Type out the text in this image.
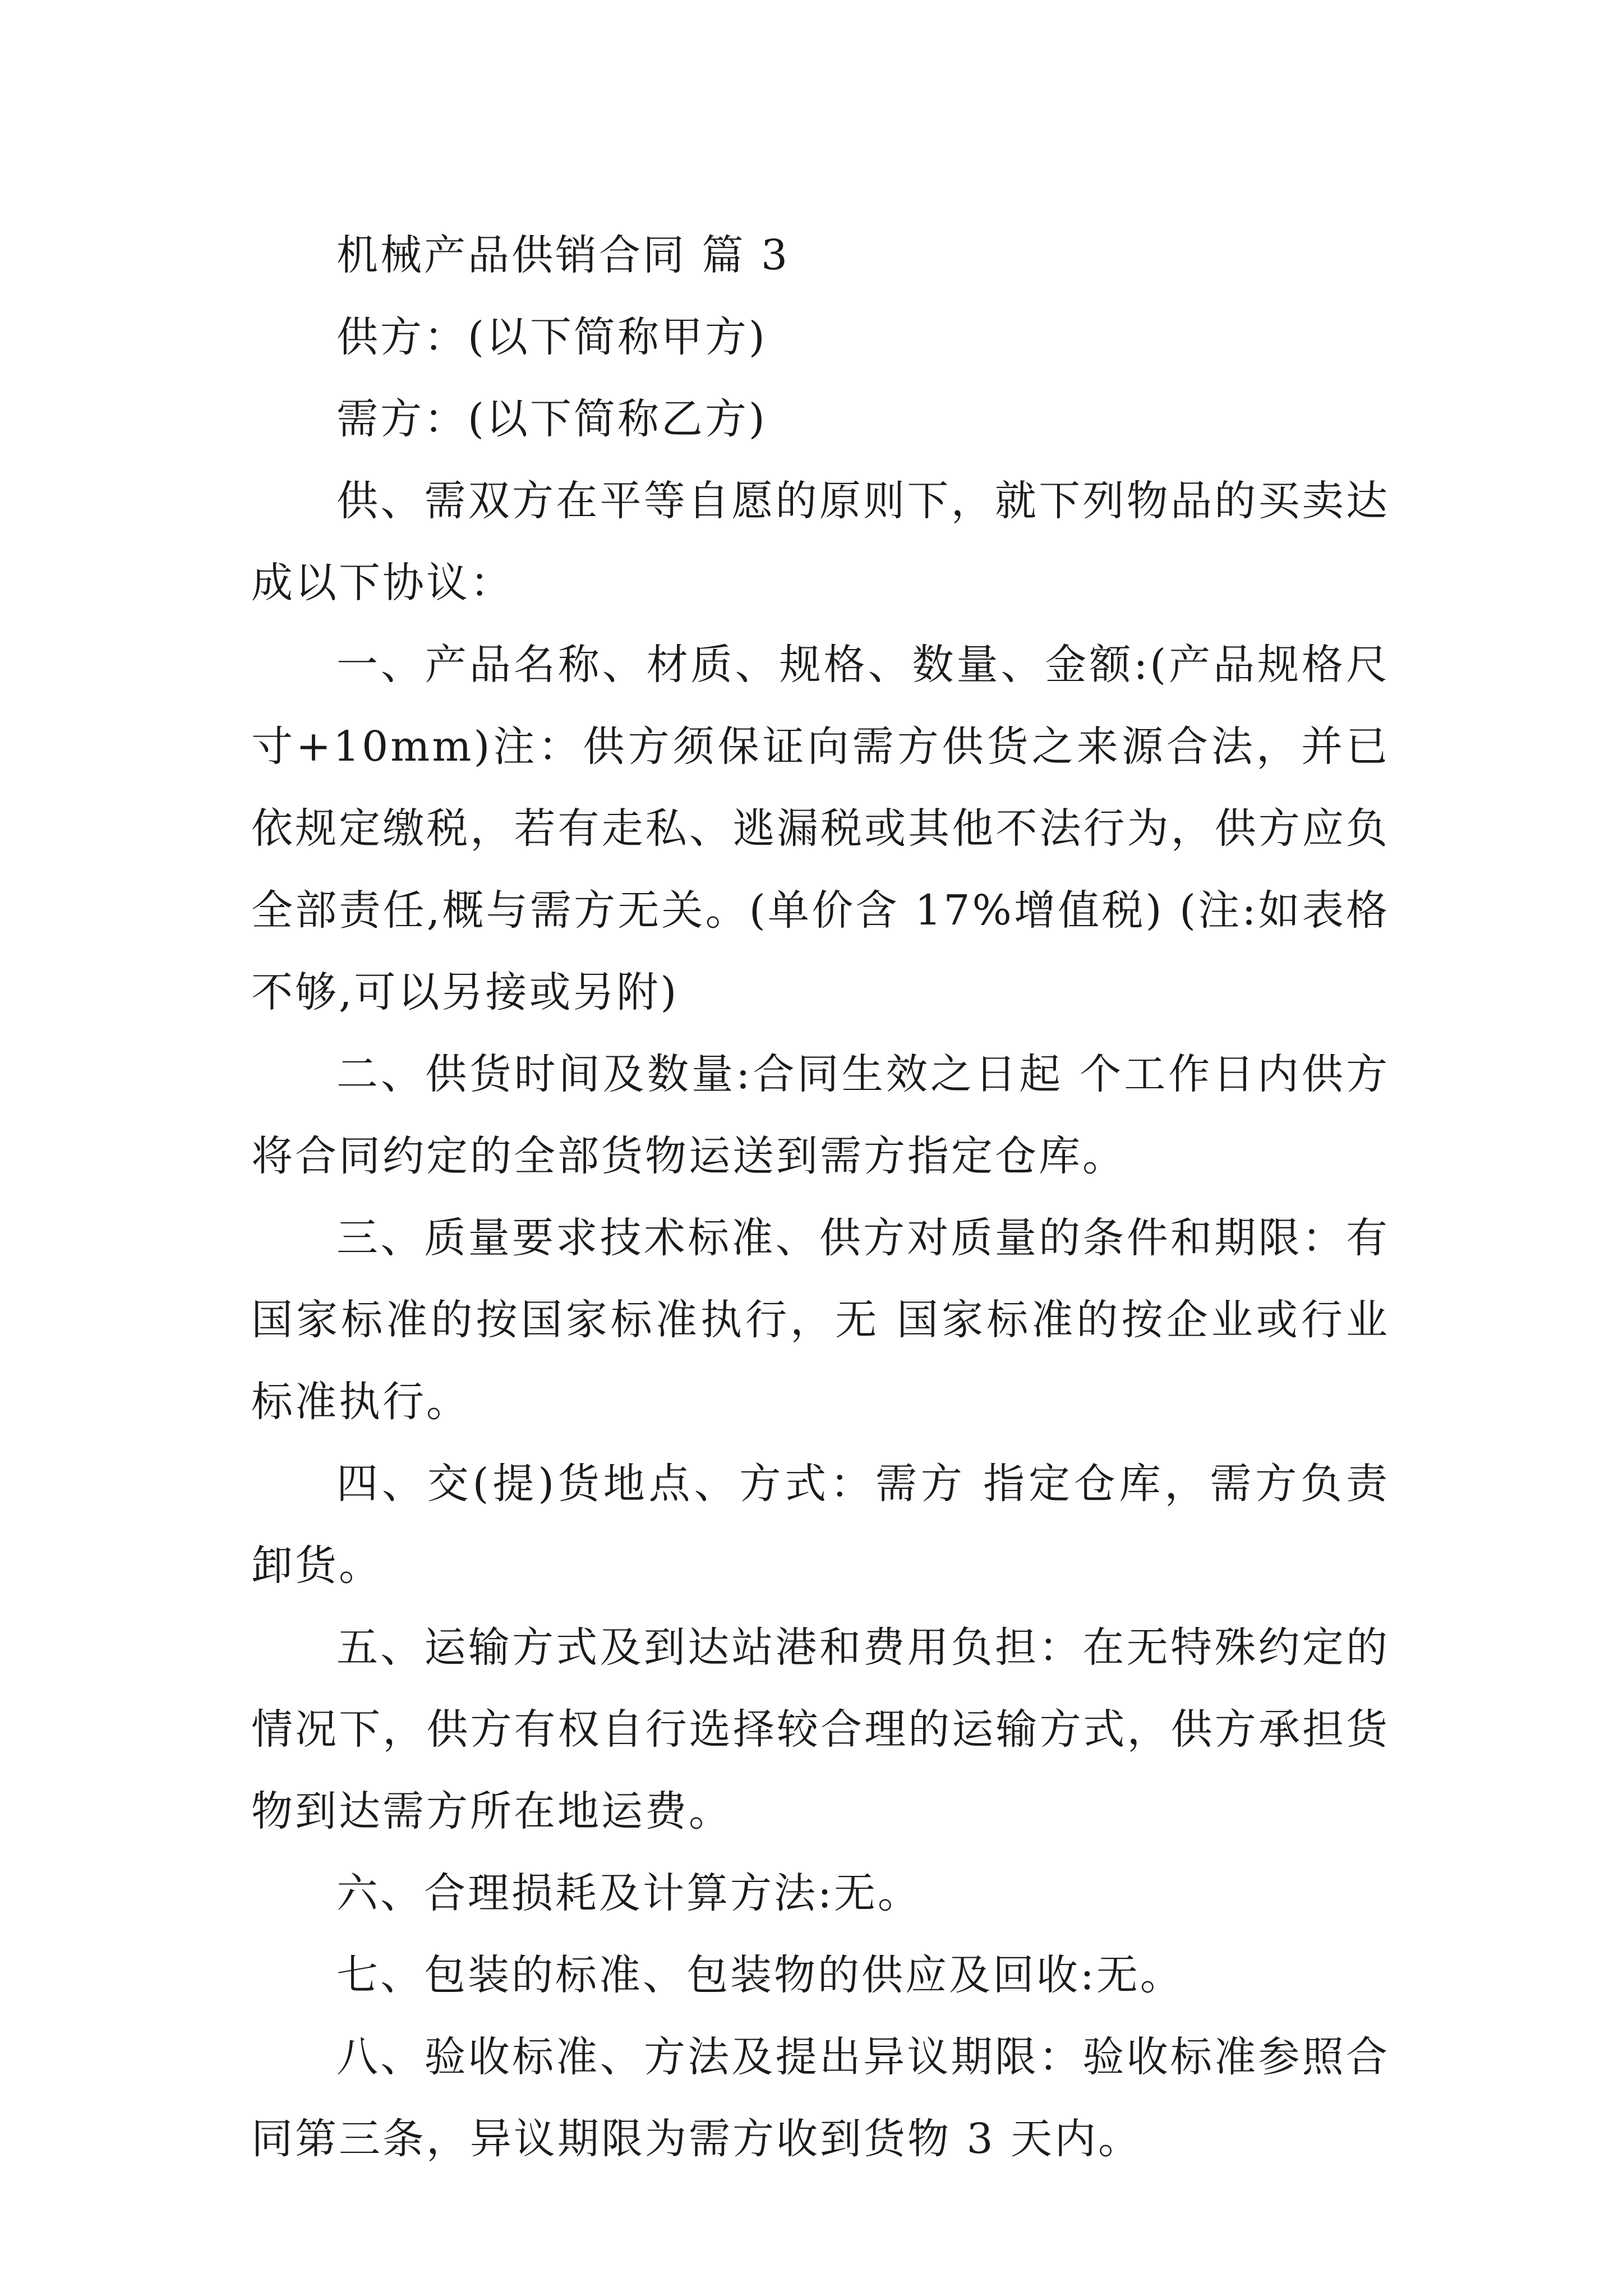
机械产品供销合同 篇 3

供方：(以下简称甲方)

需方：(以下简称乙方)

供、需双方在平等自愿的原则下，就下列物品的买卖达成以下协议：

一、产品名称、材质、规格、数量、金额:(产品规格尺寸+10mm)注：供方须保证向需方供货之来源合法，并已依规定缴税，若有走私、逃漏税或其他不法行为，供方应负全部责任,概与需方无关。(单价含 17%增值税) (注:如表格不够,可以另接或另附)

二、供货时间及数量:合同生效之日起 个工作日内供方将合同约定的全部货物运送到需方指定仓库。

三、质量要求技术标准、供方对质量的条件和期限：有国家标准的按国家标准执行，无 国家标准的按企业或行业标准执行。

四、交(提)货地点、方式：需方 指定仓库，需方负责卸货。

五、运输方式及到达站港和费用负担：在无特殊约定的情况下，供方有权自行选择较合理的运输方式，供方承担货物到达需方所在地运费。

六、合理损耗及计算方法:无。

七、包装的标准、包装物的供应及回收:无。

八、验收标准、方法及提出异议期限：验收标准参照合同第三条，异议期限为需方收到货物 3 天内。
